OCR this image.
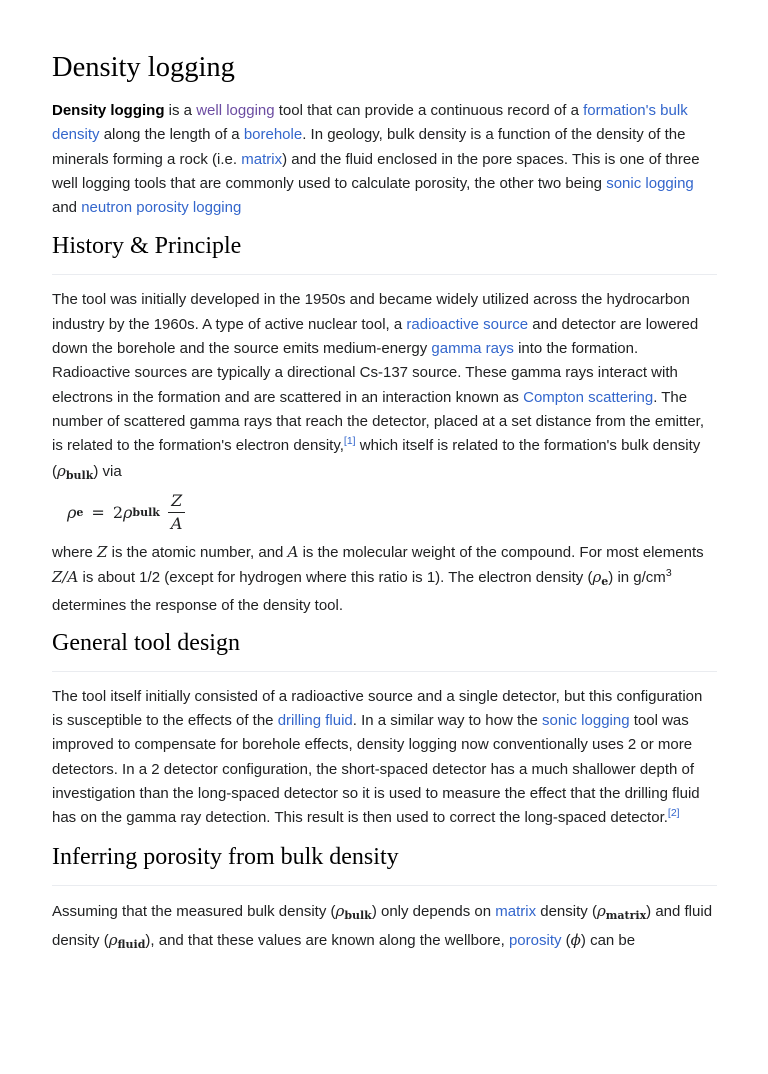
Density logging

Density logging is a well logging tool that can provide a continuous record of a formation's bulk density along the length of a borehole. In geology, bulk density is a function of the density of the minerals forming a rock (i.e. matrix) and the fluid enclosed in the pore spaces. This is one of three well logging tools that are commonly used to calculate porosity, the other two being sonic logging and neutron porosity logging

History & Principle

The tool was initially developed in the 1950s and became widely utilized across the hydrocarbon industry by the 1960s. A type of active nuclear tool, a radioactive source and detector are lowered down the borehole and the source emits medium-energy gamma rays into the formation. Radioactive sources are typically a directional Cs-137 source. These gamma rays interact with electrons in the formation and are scattered in an interaction known as Compton scattering. The number of scattered gamma rays that reach the detector, placed at a set distance from the emitter, is related to the formation's electron density,[1] which itself is related to the formation's bulk density $(\rho_{bulk})$ via

ρ e = 2 ρ bulk $\frac{Z}{A}$

where Z is the atomic number, and A is the molecular weight of the compound. For most elements Z/A is about 1/2 (except for hydrogen where this ratio is 1). The electron density $(\rho_e)$ in $g/cm^3$ determines the response of the density tool.

General tool design

The tool itself initially consisted of a radioactive source and a single detector, but this configuration is susceptible to the effects of the drilling fluid. In a similar way to how the sonic logging tool was improved to compensate for borehole effects, density logging now conventionally uses 2 or more detectors. In a 2 detector configuration, the short-spaced detector has a much shallower depth of investigation than the long-spaced detector so it is used to measure the effect that the drilling fluid has on the gamma ray detection. This result is then used to correct the long-spaced detector.[2]

Inferring porosity from bulk density

Assuming that the measured bulk density $(\rho_{bulk})$ only depends on matrix density $(\rho_{matrix})$ and fluid density $(\rho_{fluid})$, and that these values are known along the wellbore, porosity (ϕ) can be
